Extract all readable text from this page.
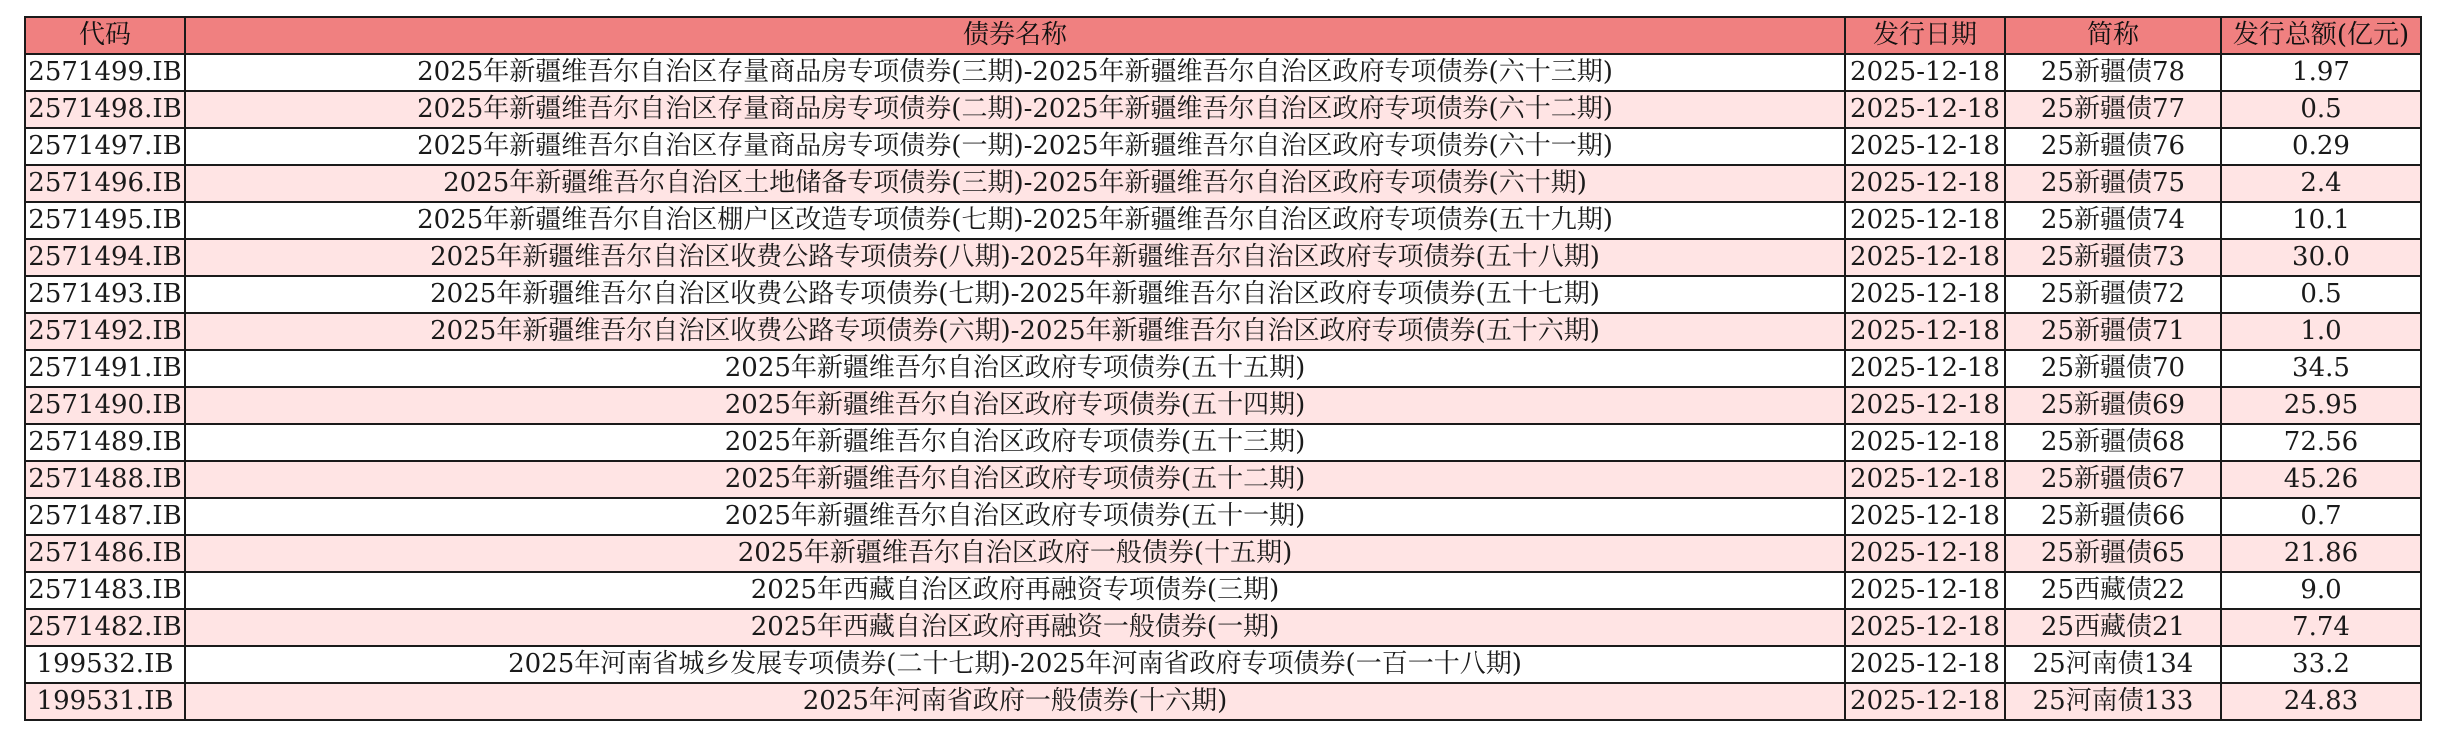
代码	债券名称	发行日期	简称	发行总额(亿元)
2571499.IB	2025年新疆维吾尔自治区存量商品房专项债券(三期)-2025年新疆维吾尔自治区政府专项债券(六十三期)	2025-12-18	25新疆债78	1.97
2571498.IB	2025年新疆维吾尔自治区存量商品房专项债券(二期)-2025年新疆维吾尔自治区政府专项债券(六十二期)	2025-12-18	25新疆债77	0.5
2571497.IB	2025年新疆维吾尔自治区存量商品房专项债券(一期)-2025年新疆维吾尔自治区政府专项债券(六十一期)	2025-12-18	25新疆债76	0.29
2571496.IB	2025年新疆维吾尔自治区土地储备专项债券(三期)-2025年新疆维吾尔自治区政府专项债券(六十期)	2025-12-18	25新疆债75	2.4
2571495.IB	2025年新疆维吾尔自治区棚户区改造专项债券(七期)-2025年新疆维吾尔自治区政府专项债券(五十九期)	2025-12-18	25新疆债74	10.1
2571494.IB	2025年新疆维吾尔自治区收费公路专项债券(八期)-2025年新疆维吾尔自治区政府专项债券(五十八期)	2025-12-18	25新疆债73	30.0
2571493.IB	2025年新疆维吾尔自治区收费公路专项债券(七期)-2025年新疆维吾尔自治区政府专项债券(五十七期)	2025-12-18	25新疆债72	0.5
2571492.IB	2025年新疆维吾尔自治区收费公路专项债券(六期)-2025年新疆维吾尔自治区政府专项债券(五十六期)	2025-12-18	25新疆债71	1.0
2571491.IB	2025年新疆维吾尔自治区政府专项债券(五十五期)	2025-12-18	25新疆债70	34.5
2571490.IB	2025年新疆维吾尔自治区政府专项债券(五十四期)	2025-12-18	25新疆债69	25.95
2571489.IB	2025年新疆维吾尔自治区政府专项债券(五十三期)	2025-12-18	25新疆债68	72.56
2571488.IB	2025年新疆维吾尔自治区政府专项债券(五十二期)	2025-12-18	25新疆债67	45.26
2571487.IB	2025年新疆维吾尔自治区政府专项债券(五十一期)	2025-12-18	25新疆债66	0.7
2571486.IB	2025年新疆维吾尔自治区政府一般债券(十五期)	2025-12-18	25新疆债65	21.86
2571483.IB	2025年西藏自治区政府再融资专项债券(三期)	2025-12-18	25西藏债22	9.0
2571482.IB	2025年西藏自治区政府再融资一般债券(一期)	2025-12-18	25西藏债21	7.74
199532.IB	2025年河南省城乡发展专项债券(二十七期)-2025年河南省政府专项债券(一百一十八期)	2025-12-18	25河南债134	33.2
199531.IB	2025年河南省政府一般债券(十六期)	2025-12-18	25河南债133	24.83
